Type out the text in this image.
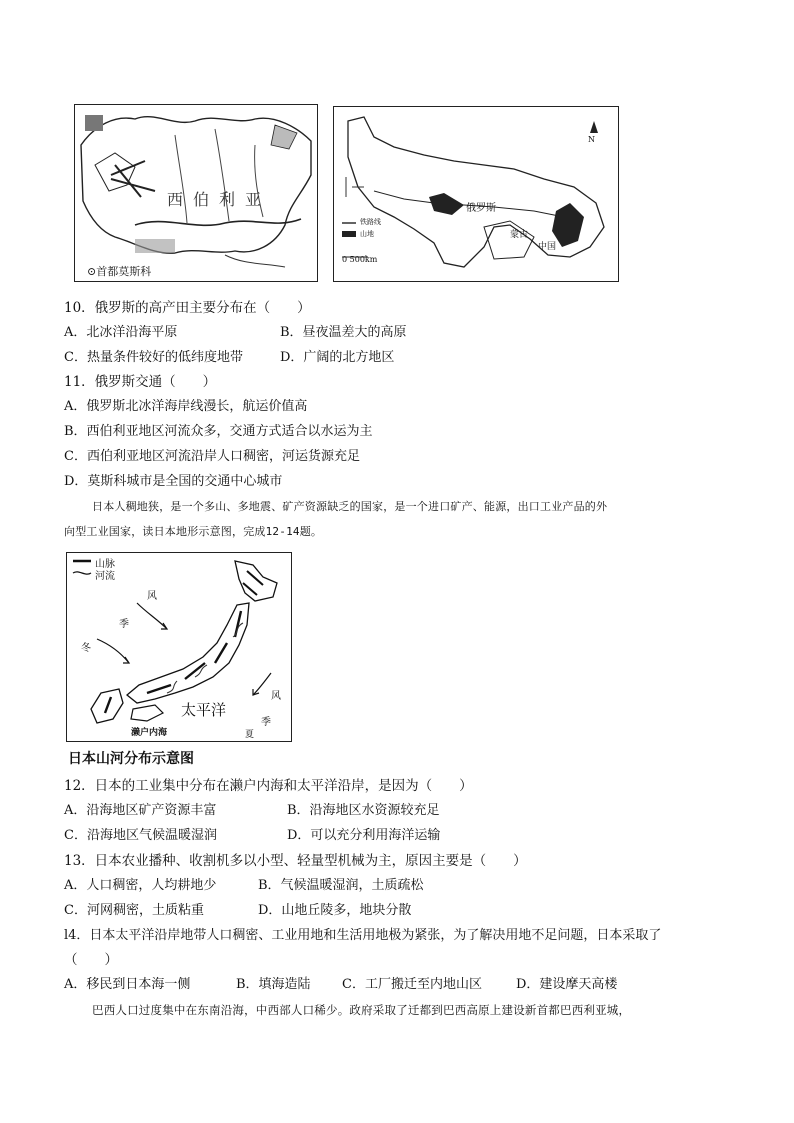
西伯利亚
⊙首都莫斯科
N
铁路线
山地
0 500km
俄罗斯
蒙古
中国
10．俄罗斯的高产田主要分布在（　　）
A．北冰洋沿海平原	B．昼夜温差大的高原
C．热量条件较好的低纬度地带	D．广阔的北方地区
11．俄罗斯交通（　　）
A．俄罗斯北冰洋海岸线漫长，航运价值高
B．西伯利亚地区河流众多，交通方式适合以水运为主
C．西伯利亚地区河流沿岸人口稠密，河运货源充足
D．莫斯科城市是全国的交通中心城市
日本人稠地狭，是一个多山、多地震、矿产资源缺乏的国家，是一个进口矿产、能源，出口工业产品的外
向型工业国家，读日本地形示意图，完成12-14题。
山脉
河流
风
季
冬
风
季
夏
太平洋
濑户内海
日本山河分布示意图
12．日本的工业集中分布在濑户内海和太平洋沿岸，是因为（　　）
A．沿海地区矿产资源丰富	B．沿海地区水资源较充足
C．沿海地区气候温暖湿润	D．可以充分利用海洋运输
13．日本农业播种、收割机多以小型、轻量型机械为主，原因主要是（　　）
A．人口稠密，人均耕地少	B．气候温暖湿润，土质疏松
C．河网稠密，土质粘重	D．山地丘陵多，地块分散
l4．日本太平洋沿岸地带人口稠密、工业用地和生活用地极为紧张，为了解决用地不足问题，日本采取了
（　　）
A．移民到日本海一侧	B．填海造陆 C．工厂搬迁至内地山区	D．建设摩天高楼
巴西人口过度集中在东南沿海，中西部人口稀少。政府采取了迁都到巴西高原上建设新首都巴西利亚城，
